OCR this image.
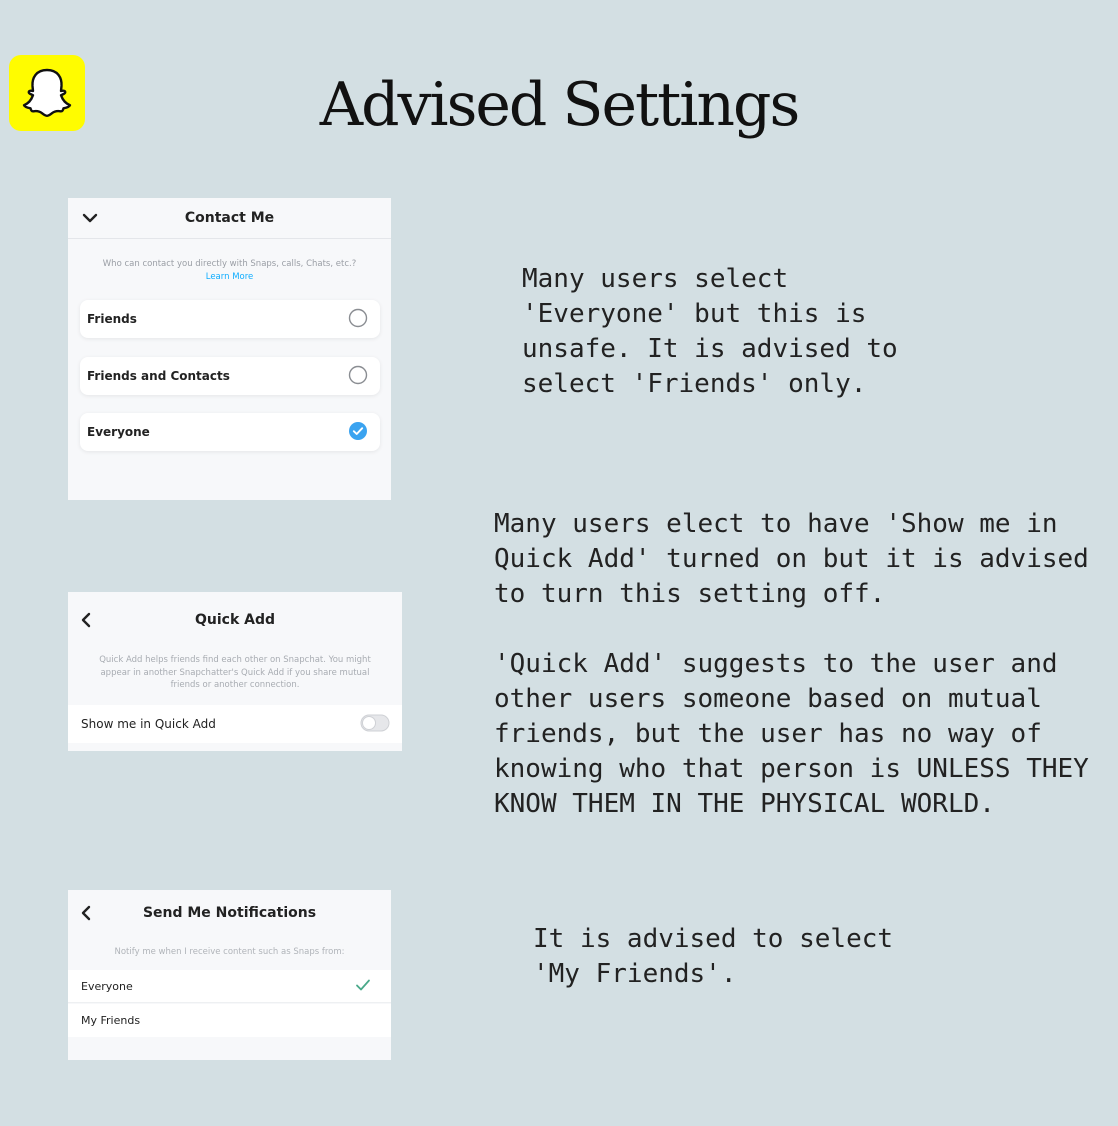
Advised Settings
Contact Me
Who can contact you directly with Snaps, calls, Chats, etc.?
Learn More
Friends
Friends and Contacts
Everyone
Many users select
'Everyone' but this is
unsafe. It is advised to
select 'Friends' only.
Quick Add
Quick Add helps friends find each other on Snapchat. You might
appear in another Snapchatter's Quick Add if you share mutual
friends or another connection.
Show me in Quick Add
Many users elect to have 'Show me in
Quick Add' turned on but it is advised
to turn this setting off.

'Quick Add' suggests to the user and
other users someone based on mutual
friends, but the user has no way of
knowing who that person is UNLESS THEY
KNOW THEM IN THE PHYSICAL WORLD.
Send Me Notifications
Notify me when I receive content such as Snaps from:
Everyone
My Friends
It is advised to select
'My Friends'.
